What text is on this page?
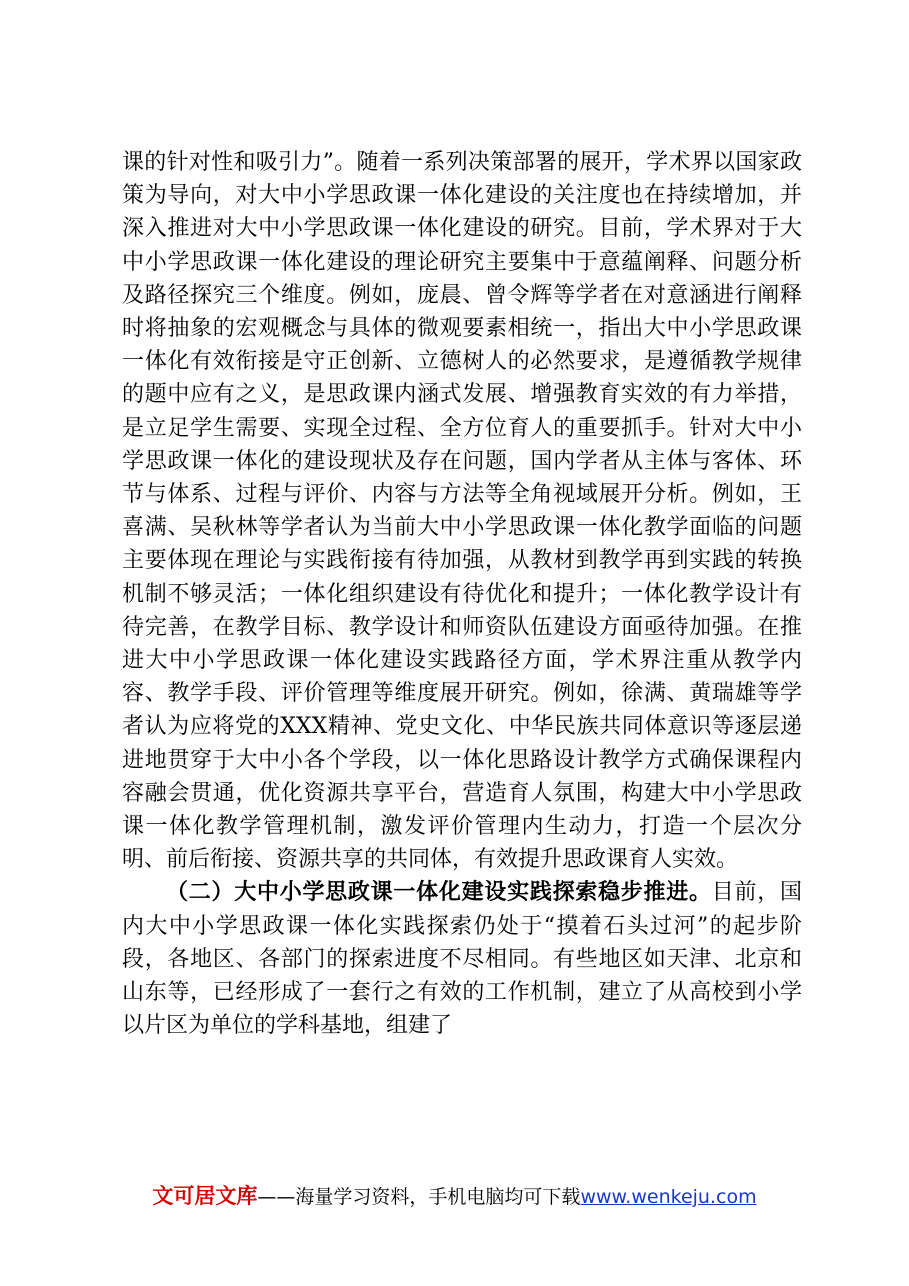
课的针对性和吸引力”。随着一系列决策部署的展开，学术界以国家政策为导向，对大中小学思政课一体化建设的关注度也在持续增加，并深入推进对大中小学思政课一体化建设的研究。目前，学术界对于大中小学思政课一体化建设的理论研究主要集中于意蕴阐释、问题分析及路径探究三个维度。例如，庞晨、曾令辉等学者在对意涵进行阐释时将抽象的宏观概念与具体的微观要素相统一，指出大中小学思政课一体化有效衔接是守正创新、立德树人的必然要求，是遵循教学规律的题中应有之义，是思政课内涵式发展、增强教育实效的有力举措，是立足学生需要、实现全过程、全方位育人的重要抓手。针对大中小学思政课一体化的建设现状及存在问题，国内学者从主体与客体、环节与体系、过程与评价、内容与方法等全角视域展开分析。例如，王喜满、吴秋林等学者认为当前大中小学思政课一体化教学面临的问题主要体现在理论与实践衔接有待加强，从教材到教学再到实践的转换机制不够灵活；一体化组织建设有待优化和提升；一体化教学设计有待完善，在教学目标、教学设计和师资队伍建设方面亟待加强。在推进大中小学思政课一体化建设实践路径方面，学术界注重从教学内容、教学手段、评价管理等维度展开研究。例如，徐满、黄瑞雄等学者认为应将党的XXX精神、党史文化、中华民族共同体意识等逐层递进地贯穿于大中小各个学段，以一体化思路设计教学方式确保课程内容融会贯通，优化资源共享平台，营造育人氛围，构建大中小学思政课一体化教学管理机制，激发评价管理内生动力，打造一个层次分明、前后衔接、资源共享的共同体，有效提升思政课育人实效。

（二）大中小学思政课一体化建设实践探索稳步推进。目前，国内大中小学思政课一体化实践探索仍处于“摸着石头过河”的起步阶段，各地区、各部门的探索进度不尽相同。有些地区如天津、北京和山东等，已经形成了一套行之有效的工作机制，建立了从高校到小学以片区为单位的学科基地，组建了

文可居文库——海量学习资料，手机电脑均可下载www.wenkeju.com
